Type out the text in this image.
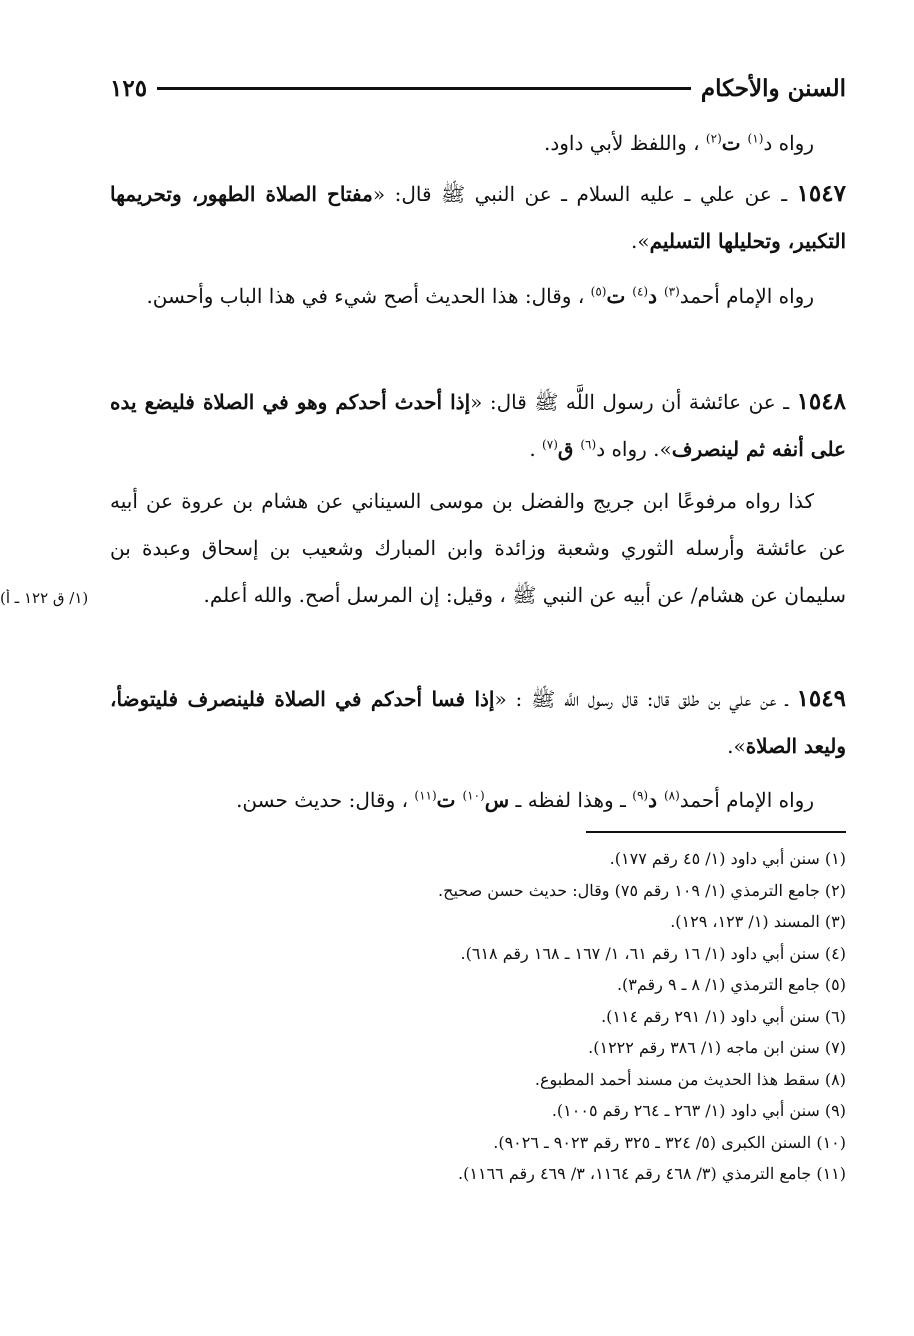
السنن والأحكام
١٢٥

رواه د$^{(١)}$ ت$^{(٢)}$ ، واللفظ لأبي داود.

١٥٤٧ ـ عن علي ـ عليه السلام ـ عن النبي ﷺ قال: «مفتاح الصلاة الطهور، وتحريمها التكبير، وتحليلها التسليم».

رواه الإمام أحمد$^{(٣)}$ د$^{(٤)}$ ت$^{(٥)}$ ، وقال: هذا الحديث أصح شيء في هذا الباب وأحسن.

١٥٤٨ ـ عن عائشة أن رسول اللَّه ﷺ قال: «إذا أحدث أحدكم وهو في الصلاة فليضع يده على أنفه ثم لينصرف». رواه د$^{(٦)}$ ق$^{(٧)}$ .

كذا رواه مرفوعًا ابن جريج والفضل بن موسى السيناني عن هشام بن عروة عن أبيه عن عائشة وأرسله الثوري وشعبة وزائدة وابن المبارك وشعيب بن إسحاق وعبدة بن سليمان عن هشام/ عن أبيه عن النبي ﷺ ، وقيل: إن المرسل أصح. والله أعلم.

(١/ ق ١٢٢ ـ أ)

١٥٤٩ ـ عن علي بن طلق قال: قال رسول اللَّه ﷺ : «إذا فسا أحدكم في الصلاة فلينصرف فليتوضأ، وليعد الصلاة».

رواه الإمام أحمد$^{(٨)}$ د$^{(٩)}$ ـ وهذا لفظه ـ س$^{(١٠)}$ ت$^{(١١)}$ ، وقال: حديث حسن.

(١) سنن أبي داود (١/ ٤٥ رقم ١٧٧).
(٢) جامع الترمذي (١/ ١٠٩ رقم ٧٥) وقال: حديث حسن صحيح.
(٣) المسند (١/ ١٢٣، ١٢٩).
(٤) سنن أبي داود (١/ ١٦ رقم ٦١، ١/ ١٦٧ ـ ١٦٨ رقم ٦١٨).
(٥) جامع الترمذي (١/ ٨ ـ ٩ رقم٣).
(٦) سنن أبي داود (١/ ٢٩١ رقم ١١٤).
(٧) سنن ابن ماجه (١/ ٣٨٦ رقم ١٢٢٢).
(٨) سقط هذا الحديث من مسند أحمد المطبوع.
(٩) سنن أبي داود (١/ ٢٦٣ ـ ٢٦٤ رقم ١٠٠٥).
(١٠) السنن الكبرى (٥/ ٣٢٤ ـ ٣٢٥ رقم ٩٠٢٣ ـ ٩٠٢٦).
(١١) جامع الترمذي (٣/ ٤٦٨ رقم ١١٦٤، ٣/ ٤٦٩ رقم ١١٦٦).
